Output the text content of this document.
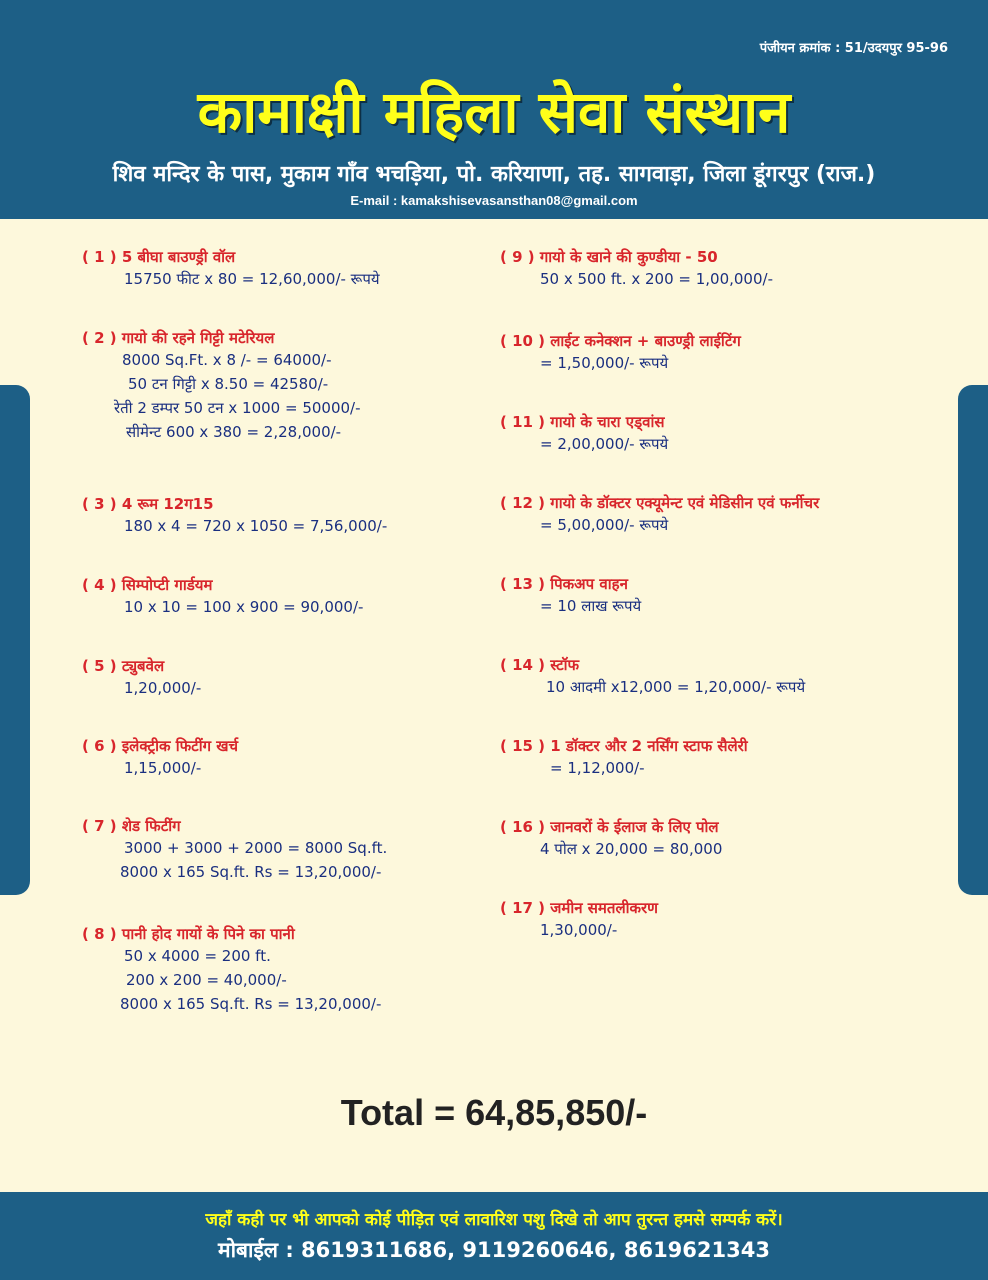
पंजीयन क्रमांक : 51/उदयपुर 95-96
कामाक्षी महिला सेवा संस्थान
शिव मन्दिर के पास, मुकाम गाँव भचड़िया, पो. करियाणा, तह. सागवाड़ा, जिला डूंगरपुर (राज.)
E-mail : kamakshisevasansthan08@gmail.com
( 1 ) 5 बीघा बाउण्ड्री वॉल
15750 फीट x 80 = 12,60,000/- रूपये
( 2 ) गायो की रहने गिट्टी मटेरियल
8000 Sq.Ft. x 8 /- = 64000/-
50 टन गिट्टी x 8.50 = 42580/-
रेती 2 डम्पर 50 टन x 1000 = 50000/-
सीमेन्ट 600 x 380 = 2,28,000/-
( 3 ) 4 रूम 12ग15
180 x 4 = 720 x 1050 = 7,56,000/-
( 4 ) सिम्पोप्टी गार्डयम
10 x 10 = 100 x 900 = 90,000/-
( 5 ) ट्युबवेल
1,20,000/-
( 6 ) इलेक्ट्रीक फिटींग खर्च
1,15,000/-
( 7 ) शेड फिटींग
3000 + 3000 + 2000 = 8000 Sq.ft.
8000 x 165 Sq.ft. Rs = 13,20,000/-
( 8 ) पानी होद गायों के पिने का पानी
50 x 4000 = 200 ft.
200 x 200 = 40,000/-
8000 x 165 Sq.ft. Rs = 13,20,000/-
( 9 ) गायो के खाने की कुण्डीया - 50
50 x 500 ft. x 200 = 1,00,000/-
( 10 ) लाईट कनेक्शन + बाउण्ड्री लाईटिंग
= 1,50,000/- रूपये
( 11 ) गायो के चारा एड्वांस
= 2,00,000/- रूपये
( 12 ) गायो के डॉक्टर एक्यूमेन्ट एवं मेडिसीन एवं फर्नीचर
= 5,00,000/- रूपये
( 13 ) पिकअप वाहन
= 10 लाख रूपये
( 14 ) स्टॉफ
10 आदमी x12,000 = 1,20,000/- रूपये
( 15 ) 1 डॉक्टर और 2 नर्सिंग स्टाफ सैलेरी
= 1,12,000/-
( 16 ) जानवरों के ईलाज के लिए पोल
4 पोल x 20,000 = 80,000
( 17 ) जमीन समतलीकरण
1,30,000/-
Total = 64,85,850/-
जहाँ कही पर भी आपको कोई पीड़ित एवं लावारिश पशु दिखे तो आप तुरन्त हमसे सम्पर्क करें।
मोबाईल : 8619311686, 9119260646, 8619621343
